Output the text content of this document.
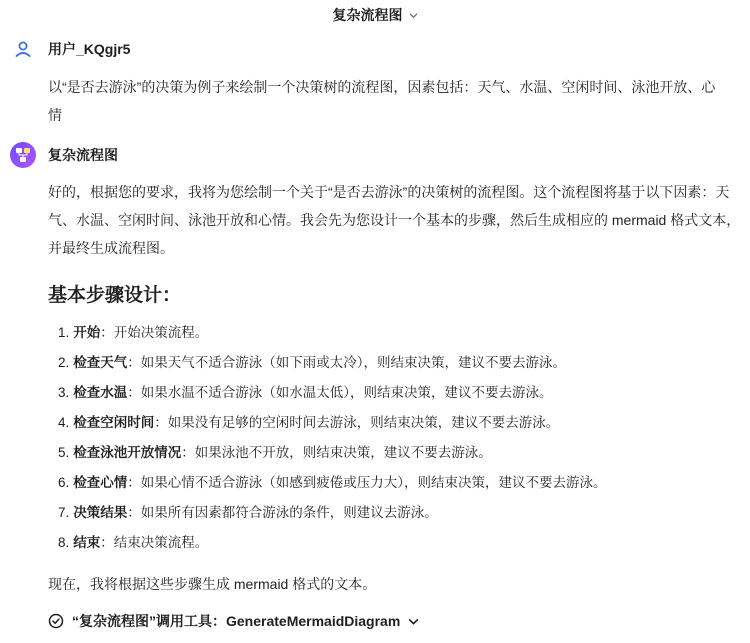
复杂流程图
用户_KQgjr5
以“是否去游泳”的决策为例子来绘制一个决策树的流程图，因素包括：天气、水温、空闲时间、泳池开放、心
情
复杂流程图
好的，根据您的要求，我将为您绘制一个关于“是否去游泳”的决策树的流程图。这个流程图将基于以下因素：天气、水温、空闲时间、泳池开放和心情。我会先为您设计一个基本的步骤，然后生成相应的 mermaid 格式文本，并最终生成流程图。
基本步骤设计：
1. 开始：开始决策流程。
2. 检查天气：如果天气不适合游泳（如下雨或太冷），则结束决策，建议不要去游泳。
3. 检查水温：如果水温不适合游泳（如水温太低），则结束决策，建议不要去游泳。
4. 检查空闲时间：如果没有足够的空闲时间去游泳，则结束决策，建议不要去游泳。
5. 检查泳池开放情况：如果泳池不开放，则结束决策，建议不要去游泳。
6. 检查心情：如果心情不适合游泳（如感到疲倦或压力大），则结束决策，建议不要去游泳。
7. 决策结果：如果所有因素都符合游泳的条件，则建议去游泳。
8. 结束：结束决策流程。
现在，我将根据这些步骤生成 mermaid 格式的文本。
“复杂流程图”调用工具：GenerateMermaidDiagram
